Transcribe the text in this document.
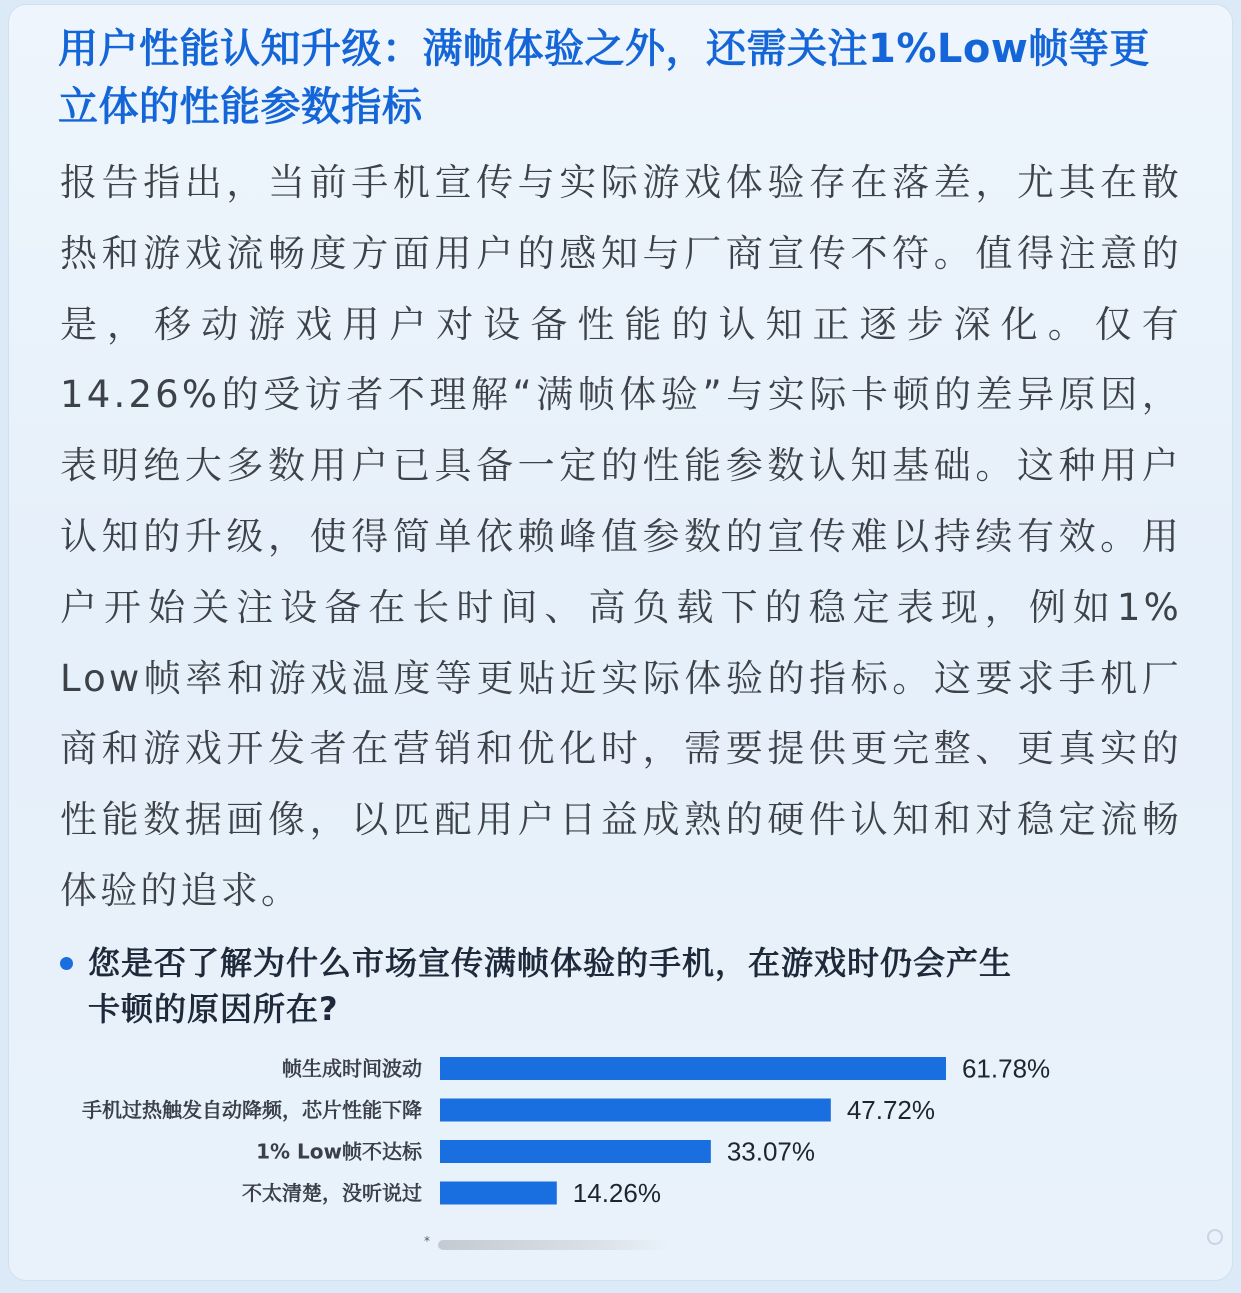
用户性能认知升级：满帧体验之外，还需关注1%Low帧等更立体的性能参数指标

报告指出，当前手机宣传与实际游戏体验存在落差，尤其在散热和游戏流畅度方面用户的感知与厂商宣传不符。值得注意的是，移动游戏用户对设备性能的认知正逐步深化。仅有14.26%的受访者不理解“满帧体验”与实际卡顿的差异原因，表明绝大多数用户已具备一定的性能参数认知基础。这种用户认知的升级，使得简单依赖峰值参数的宣传难以持续有效。用户开始关注设备在长时间、高负载下的稳定表现，例如1% Low帧率和游戏温度等更贴近实际体验的指标。这要求手机厂商和游戏开发者在营销和优化时，需要提供更完整、更真实的性能数据画像，以匹配用户日益成熟的硬件认知和对稳定流畅体验的追求。

您是否了解为什么市场宣传满帧体验的手机，在游戏时仍会产生卡顿的原因所在?

帧生成时间波动	61.78%
手机过热触发自动降频，芯片性能下降	47.72%
1% Low帧不达标	33.07%
不太清楚，没听说过	14.26%
*
